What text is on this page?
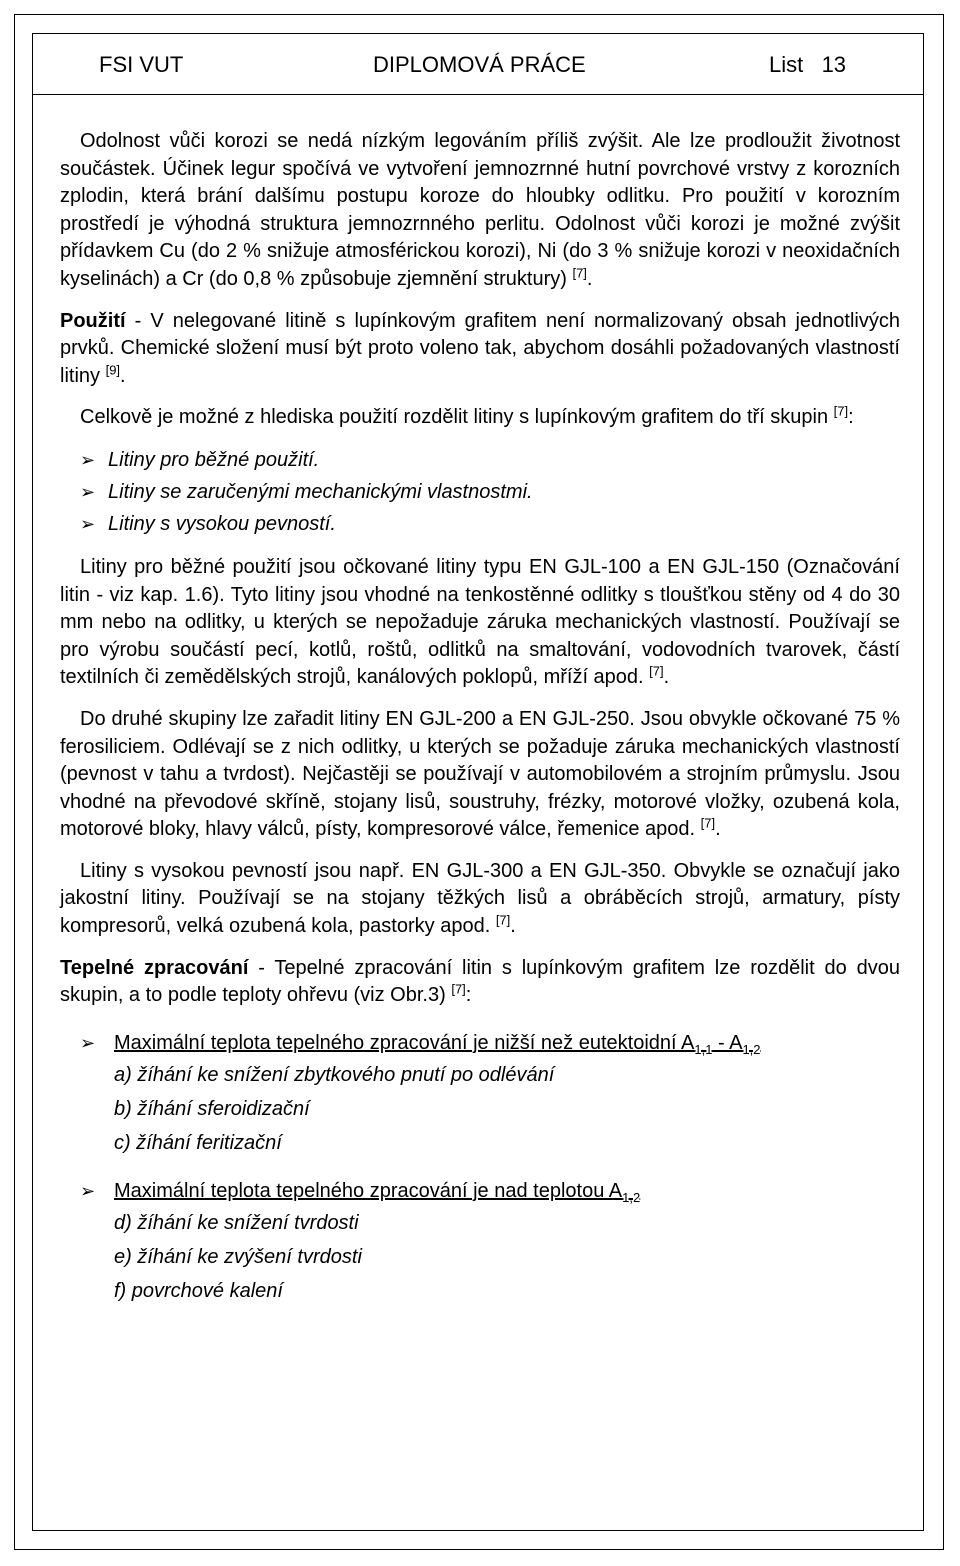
FSI VUT	DIPLOMOVÁ PRÁCE	List   13

Odolnost vůči korozi se nedá nízkým legováním příliš zvýšit. Ale lze prodloužit životnost součástek. Účinek legur spočívá ve vytvoření jemnozrnné hutní povrchové vrstvy z korozních zplodin, která brání dalšímu postupu koroze do hloubky odlitku. Pro použití v korozním prostředí je výhodná struktura jemnozrnného perlitu. Odolnost vůči korozi je možné zvýšit přídavkem Cu (do 2 % snižuje atmosférickou korozi), Ni (do 3 % snižuje korozi v neoxidačních kyselinách) a Cr (do 0,8 % způsobuje zjemnění struktury) [7].

Použití - V nelegované litině s lupínkovým grafitem není normalizovaný obsah jednotlivých prvků. Chemické složení musí být proto voleno tak, abychom dosáhli požadovaných vlastností litiny [9].

Celkově je možné z hlediska použití rozdělit litiny s lupínkovým grafitem do tří skupin [7]:

➢ Litiny pro běžné použití.
➢ Litiny se zaručenými mechanickými vlastnostmi.
➢ Litiny s vysokou pevností.

Litiny pro běžné použití jsou očkované litiny typu EN GJL-100 a EN GJL-150 (Označování litin - viz kap. 1.6). Tyto litiny jsou vhodné na tenkostěnné odlitky s tloušťkou stěny od 4 do 30 mm nebo na odlitky, u kterých se nepožaduje záruka mechanických vlastností. Používají se pro výrobu součástí pecí, kotlů, roštů, odlitků na smaltování, vodovodních tvarovek, částí textilních či zemědělských strojů, kanálových poklopů, mříží apod. [7].

Do druhé skupiny lze zařadit litiny EN GJL-200 a EN GJL-250. Jsou obvykle očkované 75 % ferosiliciem. Odlévají se z nich odlitky, u kterých se požaduje záruka mechanických vlastností (pevnost v tahu a tvrdost). Nejčastěji se používají v automobilovém a strojním průmyslu. Jsou vhodné na převodové skříně, stojany lisů, soustruhy, frézky, motorové vložky, ozubená kola, motorové bloky, hlavy válců, písty, kompresorové válce, řemenice apod. [7].

Litiny s vysokou pevností jsou např. EN GJL-300 a EN GJL-350. Obvykle se označují jako jakostní litiny. Používají se na stojany těžkých lisů a obráběcích strojů, armatury, písty kompresorů, velká ozubená kola, pastorky apod. [7].

Tepelné zpracování - Tepelné zpracování litin s lupínkovým grafitem lze rozdělit do dvou skupin, a to podle teploty ohřevu (viz Obr.3) [7]:

➢ Maximální teplota tepelného zpracování je nižší než eutektoidní $A_{1,1} - A_{1,2}$
a) žíhání ke snížení zbytkového pnutí po odlévání
b) žíhání sferoidizační
c) žíhání feritizační
➢ Maximální teplota tepelného zpracování je nad teplotou $A_{1,2}$
d) žíhání ke snížení tvrdosti
e) žíhání ke zvýšení tvrdosti
f) povrchové kalení
